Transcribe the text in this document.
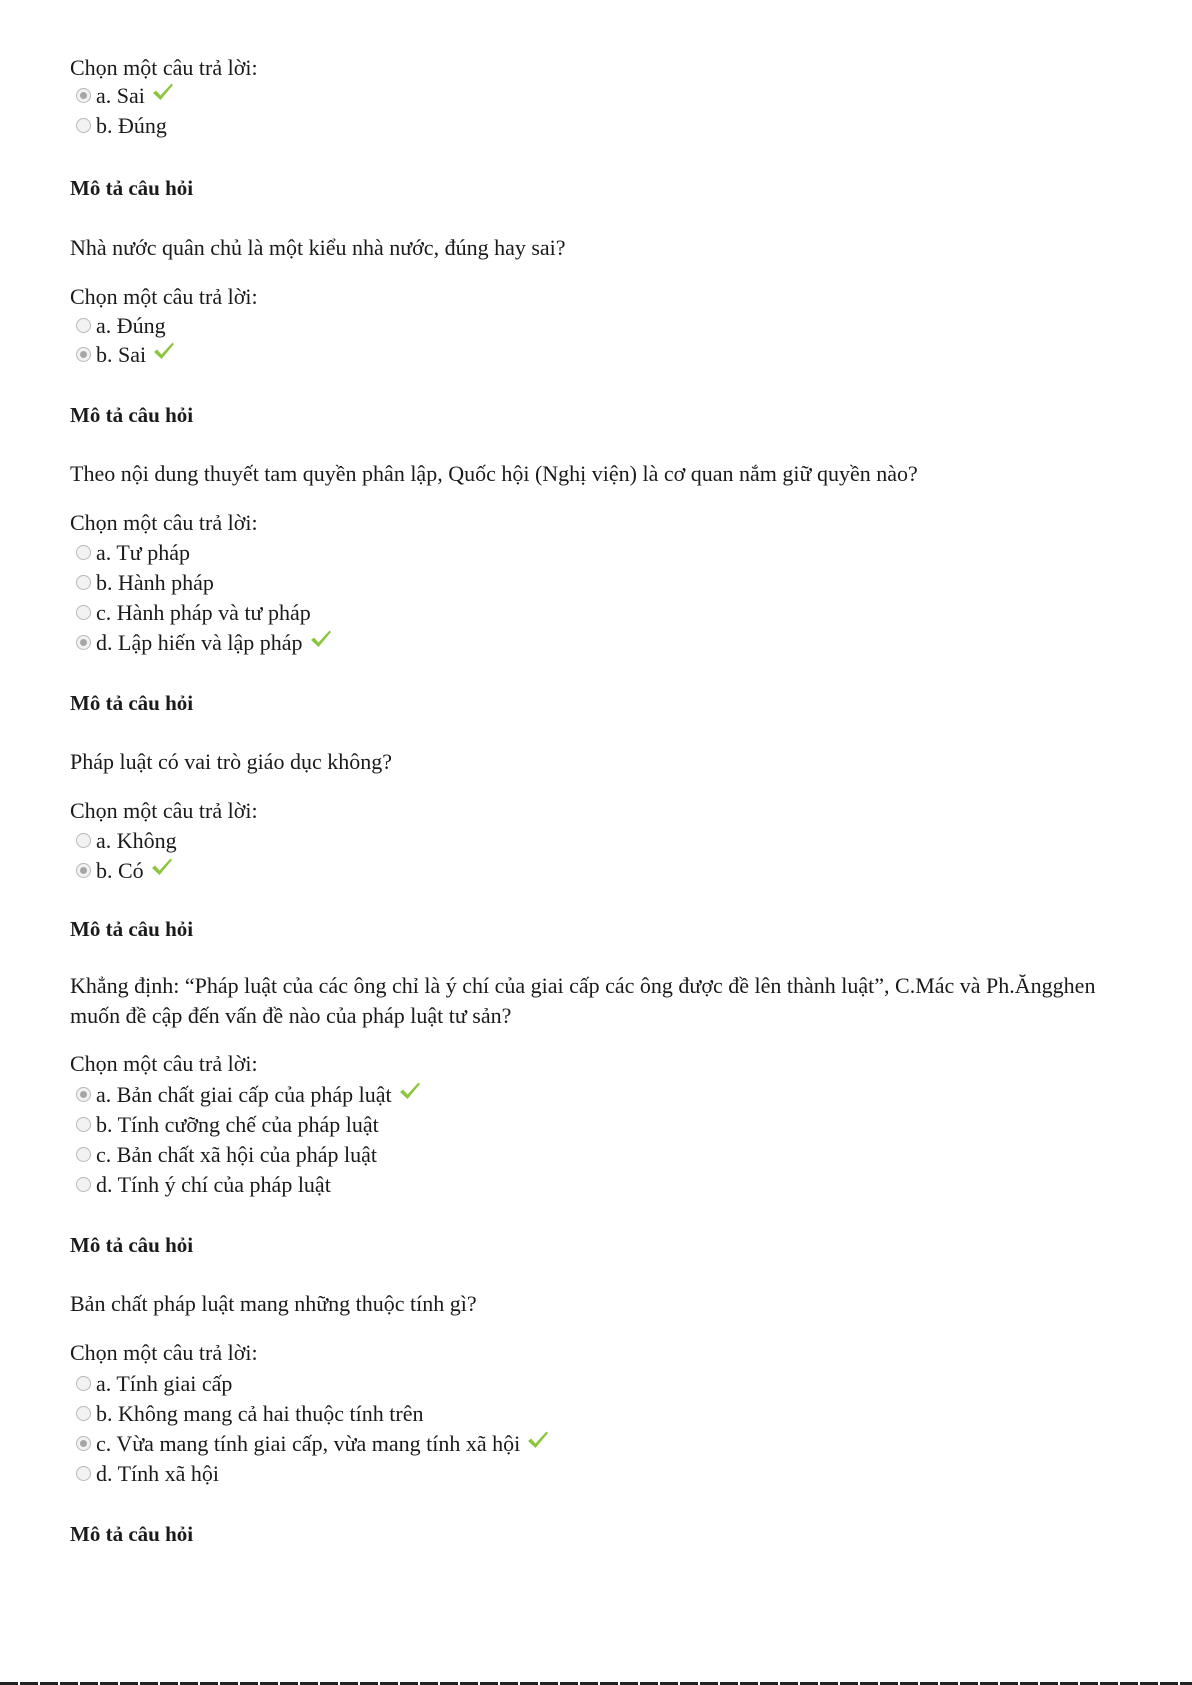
Chọn một câu trả lời:
a. Sai
b. Đúng
Mô tả câu hỏi
Nhà nước quân chủ là một kiểu nhà nước, đúng hay sai?
Chọn một câu trả lời:
a. Đúng
b. Sai
Mô tả câu hỏi
Theo nội dung thuyết tam quyền phân lập, Quốc hội (Nghị viện) là cơ quan nắm giữ quyền nào?
Chọn một câu trả lời:
a. Tư pháp
b. Hành pháp
c. Hành pháp và tư pháp
d. Lập hiến và lập pháp
Mô tả câu hỏi
Pháp luật có vai trò giáo dục không?
Chọn một câu trả lời:
a. Không
b. Có
Mô tả câu hỏi
Khẳng định: “Pháp luật của các ông chỉ là ý chí của giai cấp các ông được đề lên thành luật”, C.Mác và Ph.Ăngghen muốn đề cập đến vấn đề nào của pháp luật tư sản?
Chọn một câu trả lời:
a. Bản chất giai cấp của pháp luật
b. Tính cưỡng chế của pháp luật
c. Bản chất xã hội của pháp luật
d. Tính ý chí của pháp luật
Mô tả câu hỏi
Bản chất pháp luật mang những thuộc tính gì?
Chọn một câu trả lời:
a. Tính giai cấp
b. Không mang cả hai thuộc tính trên
c. Vừa mang tính giai cấp, vừa mang tính xã hội
d. Tính xã hội
Mô tả câu hỏi
